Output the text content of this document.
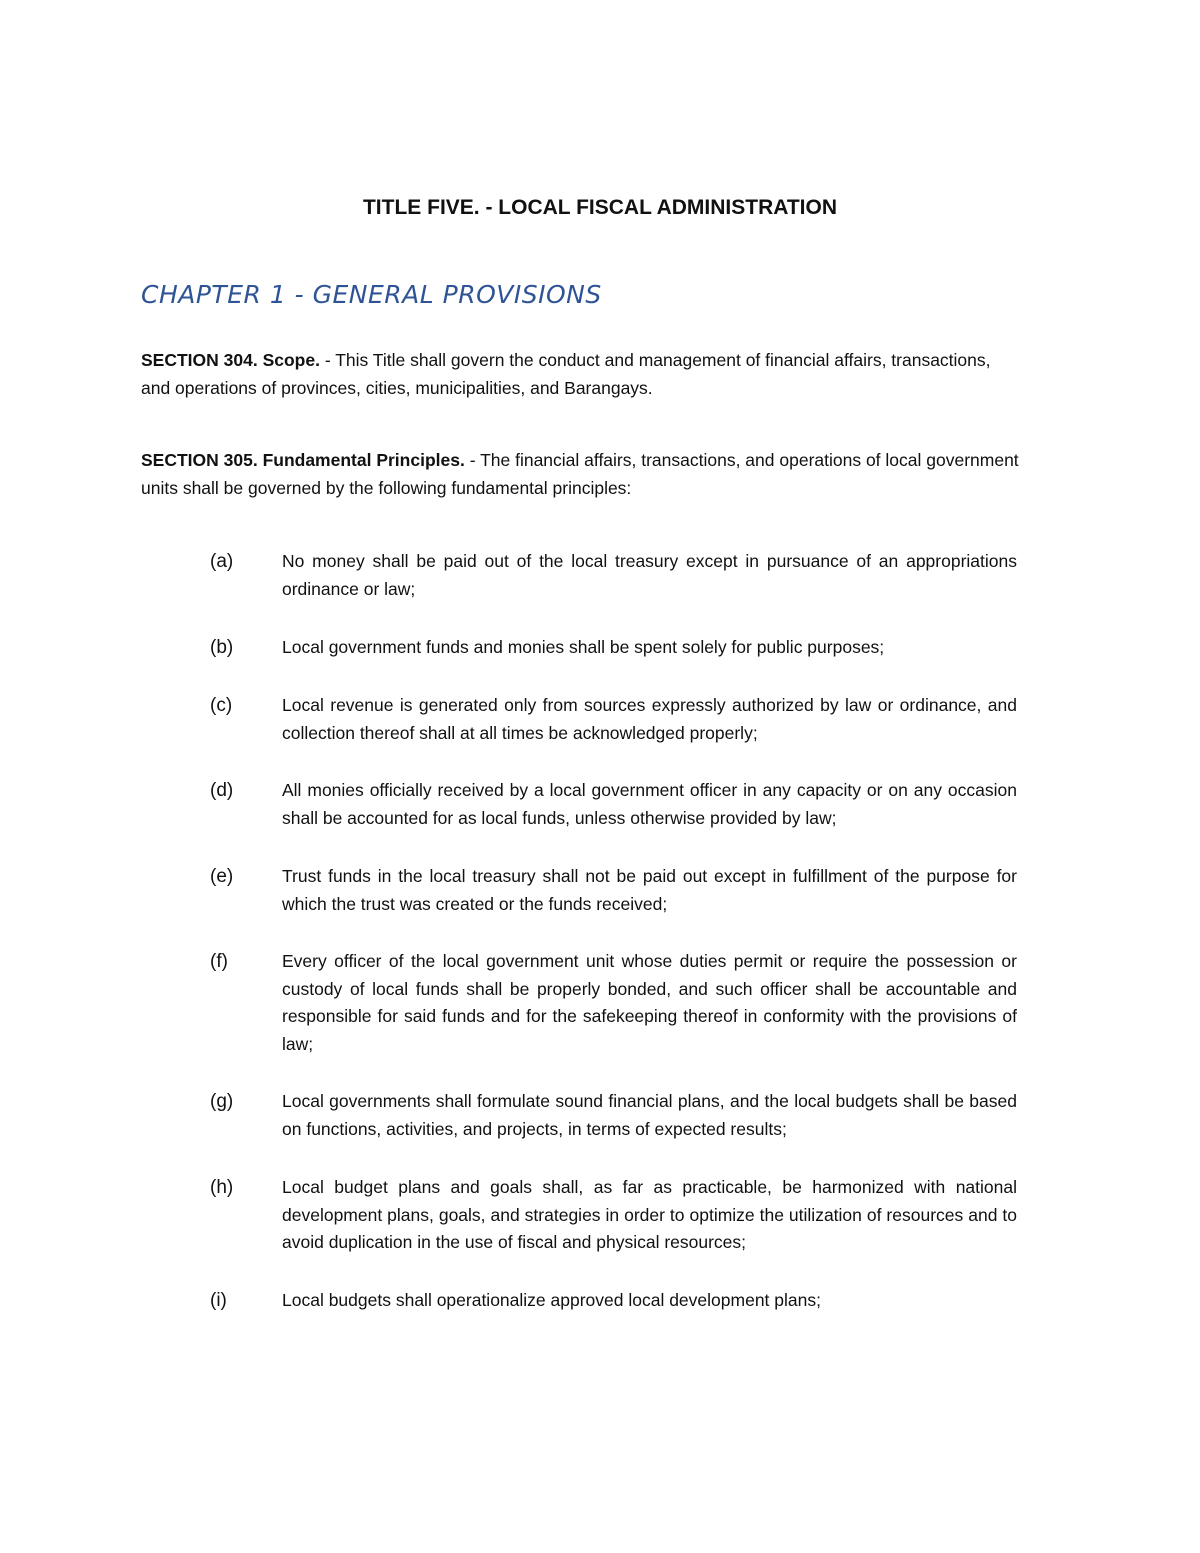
TITLE FIVE. - LOCAL FISCAL ADMINISTRATION
CHAPTER 1 - GENERAL PROVISIONS
SECTION 304. Scope. - This Title shall govern the conduct and management of financial affairs, transactions, and operations of provinces, cities, municipalities, and Barangays.
SECTION 305. Fundamental Principles. - The financial affairs, transactions, and operations of local government units shall be governed by the following fundamental principles:
(a)	No money shall be paid out of the local treasury except in pursuance of an appropriations ordinance or law;
(b)	Local government funds and monies shall be spent solely for public purposes;
(c)	Local revenue is generated only from sources expressly authorized by law or ordinance, and collection thereof shall at all times be acknowledged properly;
(d)	All monies officially received by a local government officer in any capacity or on any occasion shall be accounted for as local funds, unless otherwise provided by law;
(e)	Trust funds in the local treasury shall not be paid out except in fulfillment of the purpose for which the trust was created or the funds received;
(f)	Every officer of the local government unit whose duties permit or require the possession or custody of local funds shall be properly bonded, and such officer shall be accountable and responsible for said funds and for the safekeeping thereof in conformity with the provisions of law;
(g)	Local governments shall formulate sound financial plans, and the local budgets shall be based on functions, activities, and projects, in terms of expected results;
(h)	Local budget plans and goals shall, as far as practicable, be harmonized with national development plans, goals, and strategies in order to optimize the utilization of resources and to avoid duplication in the use of fiscal and physical resources;
(i)	Local budgets shall operationalize approved local development plans;
